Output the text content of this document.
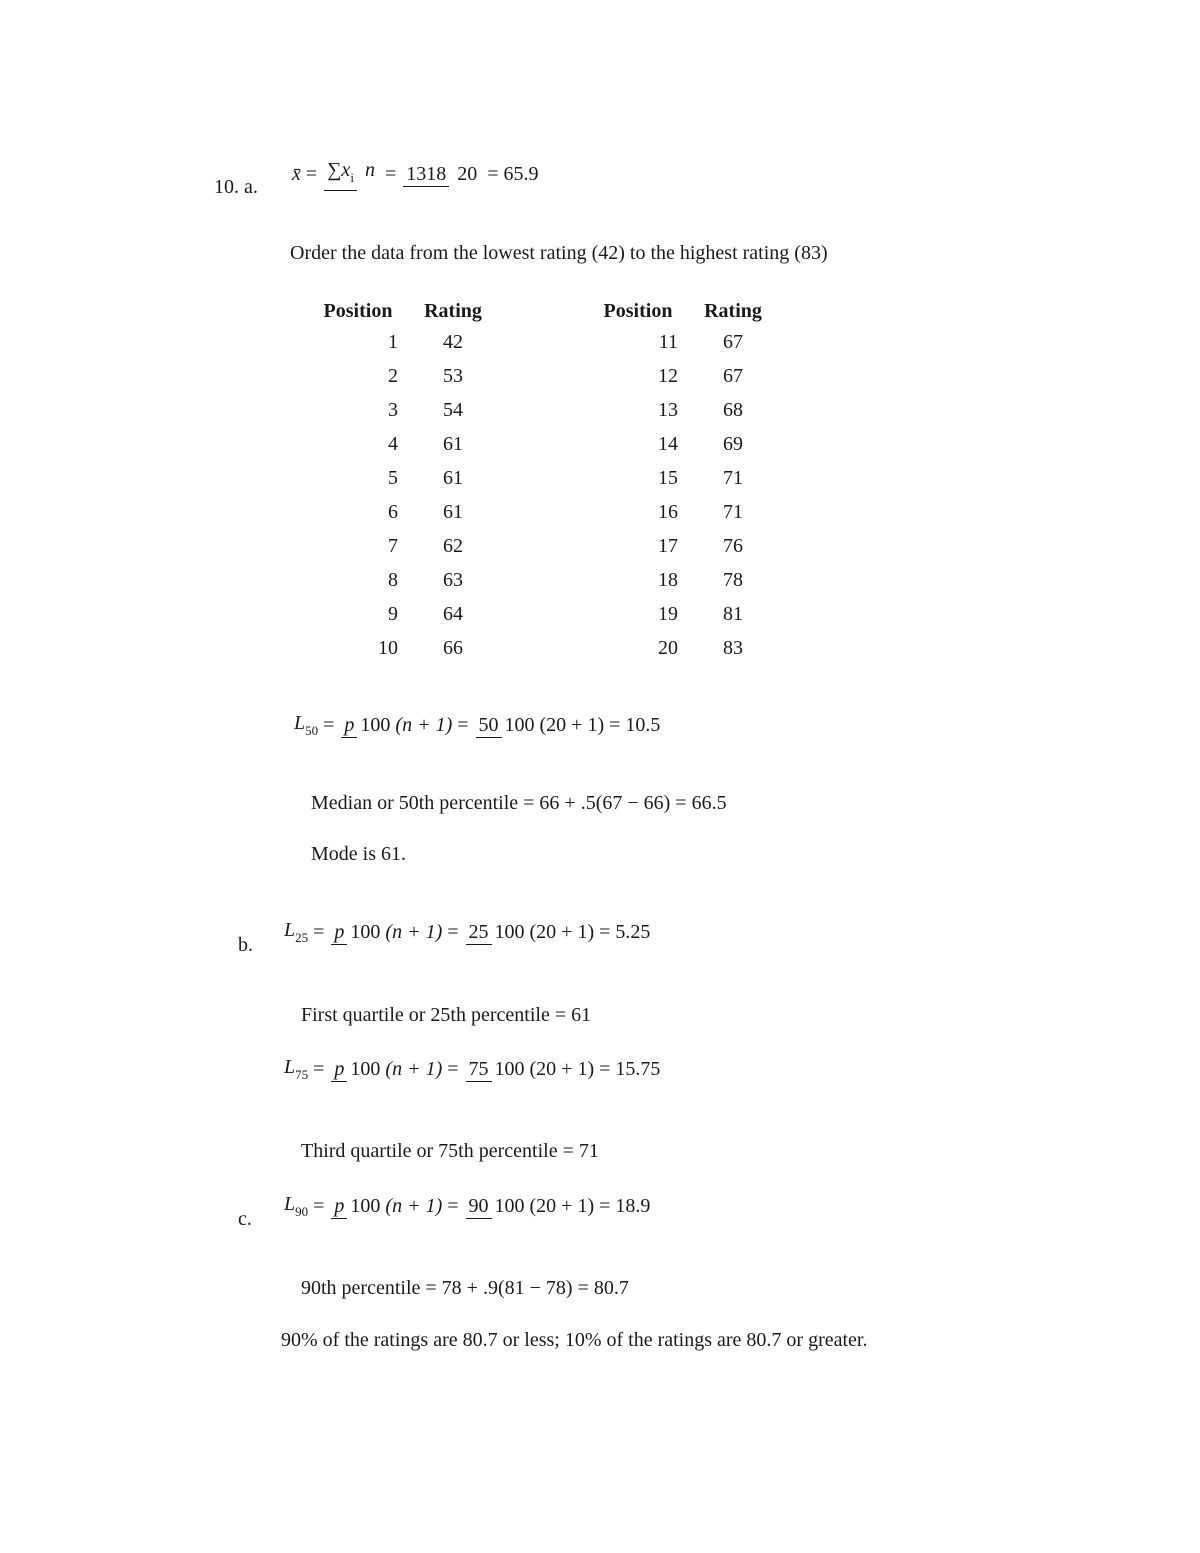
10. a.
x̄ = ∑xi n = 1318 20 = 65.9
Order the data from the lowest rating (42) to the highest rating (83)
Position	Rating		Position	Rating
1	42		11	67
2	53		12	67
3	54		13	68
4	61		14	69
5	61		15	71
6	61		16	71
7	62		17	76
8	63		18	78
9	64		19	81
10	66		20	83
L50 = p 100 (n + 1) = 50 100 (20 + 1) = 10.5
Median or 50th percentile = 66 + .5(67 − 66) = 66.5
Mode is 61.
b.
L25 = p 100 (n + 1) = 25 100 (20 + 1) = 5.25
First quartile or 25th percentile = 61
L75 = p 100 (n + 1) = 75 100 (20 + 1) = 15.75
Third quartile or 75th percentile = 71
c.
L90 = p 100 (n + 1) = 90 100 (20 + 1) = 18.9
90th percentile = 78 + .9(81 − 78) = 80.7
90% of the ratings are 80.7 or less; 10% of the ratings are 80.7 or greater.
